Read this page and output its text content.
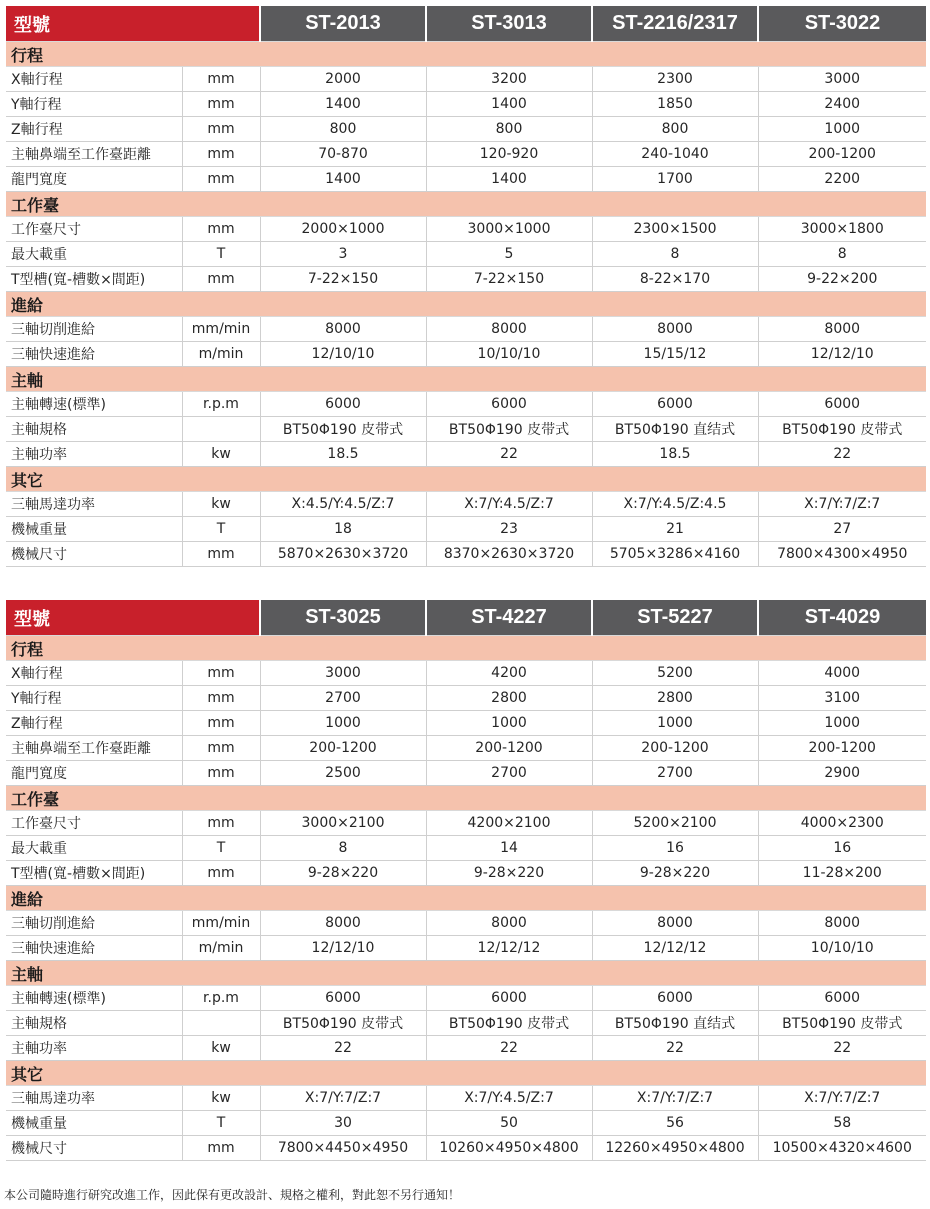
型號		ST-2013	ST-3013	ST-2216/2317	ST-3022
行程					
X軸行程	mm	2000	3200	2300	3000
Y軸行程	mm	1400	1400	1850	2400
Z軸行程	mm	800	800	800	1000
主軸鼻端至工作臺距離	mm	70-870	120-920	240-1040	200-1200
龍門寬度	mm	1400	1400	1700	2200
工作臺					
工作臺尺寸	mm	2000×1000	3000×1000	2300×1500	3000×1800
最大載重	T	3	5	8	8
T型槽(寬-槽數×間距)	mm	7-22×150	7-22×150	8-22×170	9-22×200
進給					
三軸切削進給	mm/min	8000	8000	8000	8000
三軸快速進給	m/min	12/10/10	10/10/10	15/15/12	12/12/10
主軸					
主軸轉速(標準)	r.p.m	6000	6000	6000	6000
主軸規格		BT50Φ190 皮带式	BT50Φ190 皮带式	BT50Φ190 直结式	BT50Φ190 皮带式
主軸功率	kw	18.5	22	18.5	22
其它					
三軸馬達功率	kw	X:4.5/Y:4.5/Z:7	X:7/Y:4.5/Z:7	X:7/Y:4.5/Z:4.5	X:7/Y:7/Z:7
機械重量	T	18	23	21	27
機械尺寸	mm	5870×2630×3720	8370×2630×3720	5705×3286×4160	7800×4300×4950
型號		ST-3025	ST-4227	ST-5227	ST-4029
行程					
X軸行程	mm	3000	4200	5200	4000
Y軸行程	mm	2700	2800	2800	3100
Z軸行程	mm	1000	1000	1000	1000
主軸鼻端至工作臺距離	mm	200-1200	200-1200	200-1200	200-1200
龍門寬度	mm	2500	2700	2700	2900
工作臺					
工作臺尺寸	mm	3000×2100	4200×2100	5200×2100	4000×2300
最大載重	T	8	14	16	16
T型槽(寬-槽數×間距)	mm	9-28×220	9-28×220	9-28×220	11-28×200
進給					
三軸切削進給	mm/min	8000	8000	8000	8000
三軸快速進給	m/min	12/12/10	12/12/12	12/12/12	10/10/10
主軸					
主軸轉速(標準)	r.p.m	6000	6000	6000	6000
主軸規格		BT50Φ190 皮带式	BT50Φ190 皮带式	BT50Φ190 直结式	BT50Φ190 皮带式
主軸功率	kw	22	22	22	22
其它					
三軸馬達功率	kw	X:7/Y:7/Z:7	X:7/Y:4.5/Z:7	X:7/Y:7/Z:7	X:7/Y:7/Z:7
機械重量	T	30	50	56	58
機械尺寸	mm	7800×4450×4950	10260×4950×4800	12260×4950×4800	10500×4320×4600
本公司隨時進行研究改進工作，因此保有更改設計、規格之權利，對此恕不另行通知！
